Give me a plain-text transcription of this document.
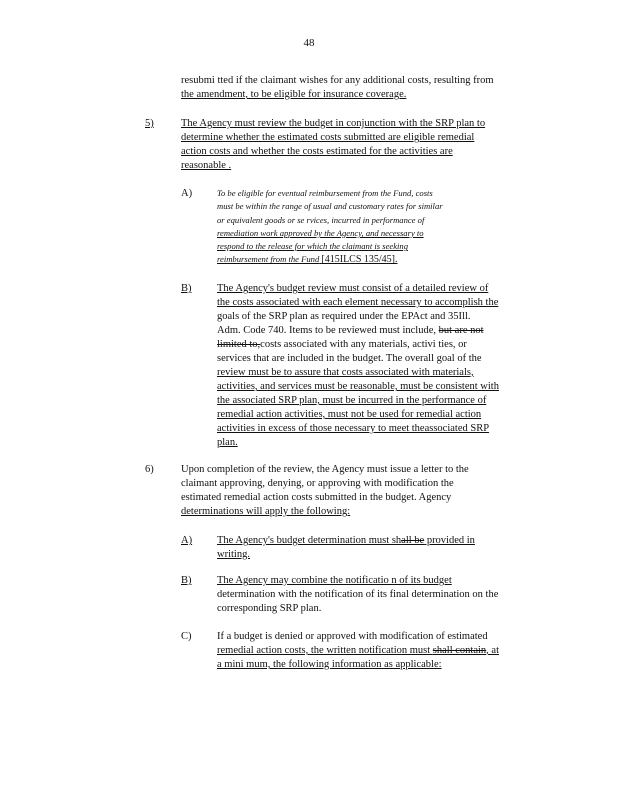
48
resubmi tted if the claimant wishes for any additional costs, resulting from
the amendment, to be eligible for insurance coverage.
5)	The Agency must review the budget in conjunction with the SRP plan to
determine whether the estimated costs submitted are eligible remedial
action costs and whether the costs estimated for the activities are
reasonable .
A)	To be eligible for eventual reimbursement from the Fund, costs
must be within the range of usual and customary rates for similar
or equivalent goods or se rvices, incurred in performance of
remediation work approved by the Agency, and necessary to
respond to the release for which the claimant is seeking
reimbursement from the Fund [415ILCS 135/45].
B) The Agency's budget review must consist of a detailed review of
the costs associated with each element necessary to accomplish the
goals of the SRP plan as required under the EPAct and 35Ill.
Adm. Code 740. Items to be reviewed must include, but are not
limited to,costs associated with any materials, activi ties, or
services that are included in the budget. The overall goal of the
review must be to assure that costs associated with materials,
activities, and services must be reasonable, must be consistent with
the associated SRP plan, must be incurred in the performance of
remedial action activities, must not be used for remedial action
activities in excess of those necessary to meet theassociated SRP
plan.
6)	Upon completion of the review, the Agency must issue a letter to the
claimant approving, denying, or approving with modification the
estimated remedial action costs submitted in the budget. Agency
determinations will apply the following:
A) The Agency's budget determination must shall be provided in
writing.
B) The Agency may combine the notificatio n of its budget
determination with the notification of its final determination on the
corresponding SRP plan.
C) If a budget is denied or approved with modification of estimated
remedial action costs, the written notification must shall contain, at
a mini mum, the following information as applicable:
